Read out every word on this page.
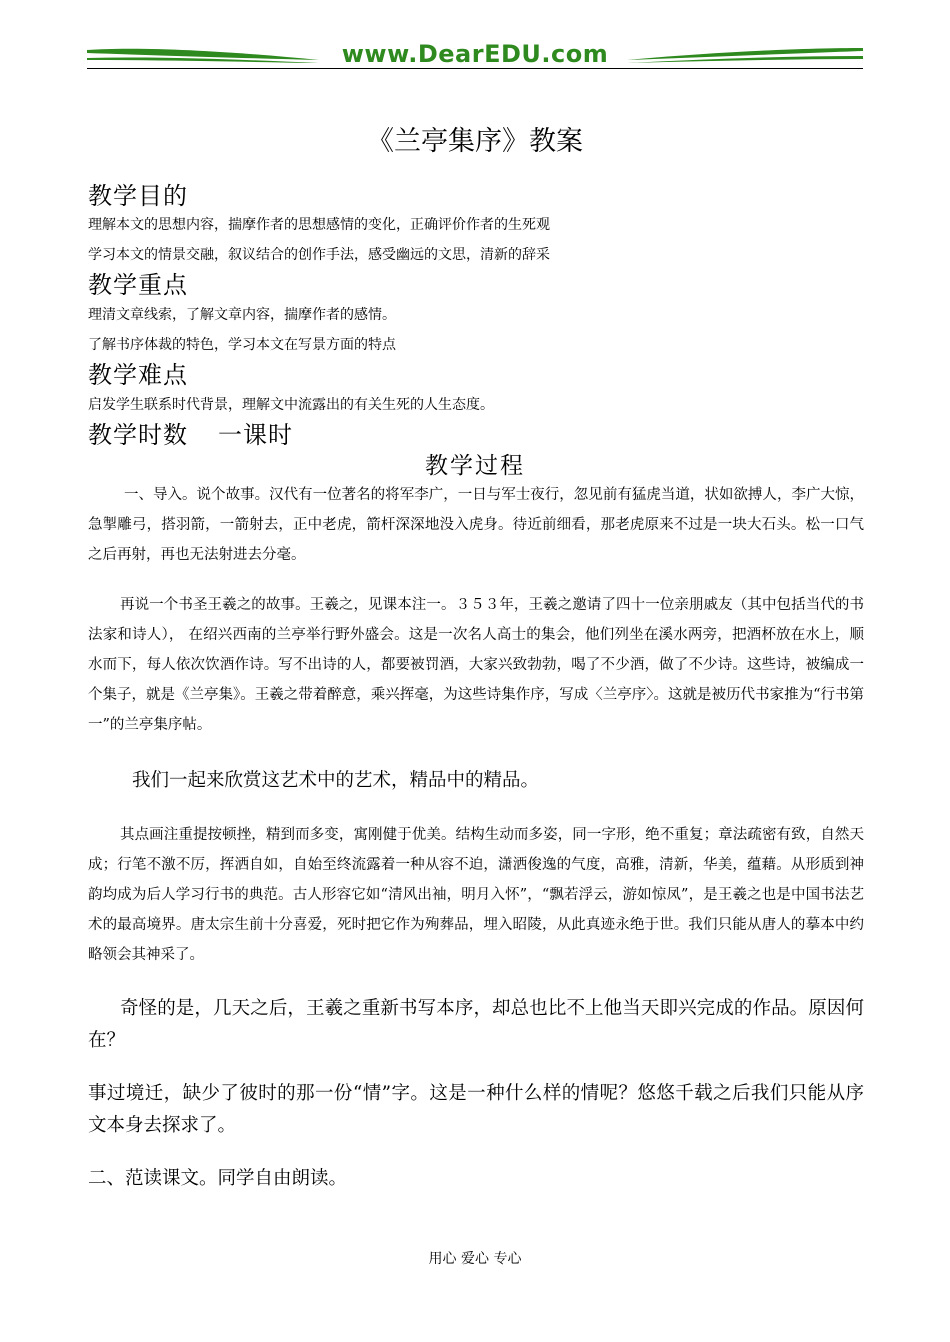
www.DearEDU.com
《兰亭集序》教案
教学目的
理解本文的思想内容，揣摩作者的思想感情的变化，正确评价作者的生死观
学习本文的情景交融，叙议结合的创作手法，感受幽远的文思，清新的辞采
教学重点
理清文章线索，了解文章内容，揣摩作者的感情。
了解书序体裁的特色，学习本文在写景方面的特点
教学难点
启发学生联系时代背景，理解文中流露出的有关生死的人生态度。
教学时数 一课时
教学过程

一、导入。说个故事。汉代有一位著名的将军李广，一日与军士夜行，忽见前有猛虎当道，状如欲搏人，李广大惊，急掣雕弓，搭羽箭，一箭射去，正中老虎，箭杆深深地没入虎身。待近前细看，那老虎原来不过是一块大石头。松一口气之后再射，再也无法射进去分毫。

再说一个书圣王羲之的故事。王羲之，见课本注一。３５３年，王羲之邀请了四十一位亲朋戚友（其中包括当代的书法家和诗人）， 在绍兴西南的兰亭举行野外盛会。这是一次名人高士的集会，他们列坐在溪水两旁，把酒杯放在水上，顺水而下，每人依次饮酒作诗。写不出诗的人，都要被罚酒，大家兴致勃勃，喝了不少酒，做了不少诗。这些诗，被编成一个集子，就是《兰亭集》。王羲之带着醉意，乘兴挥毫，为这些诗集作序，写成〈兰亭序〉。这就是被历代书家推为“行书第一”的兰亭集序帖。

我们一起来欣赏这艺术中的艺术，精品中的精品。

其点画注重提按顿挫，精到而多变，寓刚健于优美。结构生动而多姿，同一字形，绝不重复；章法疏密有致，自然天成；行笔不激不厉，挥洒自如，自始至终流露着一种从容不迫，潇洒俊逸的气度，高雅，清新，华美，蕴藉。从形质到神韵均成为后人学习行书的典范。古人形容它如“清风出袖，明月入怀”，“飘若浮云，游如惊凤”，是王羲之也是中国书法艺术的最高境界。唐太宗生前十分喜爱，死时把它作为殉葬品，埋入昭陵，从此真迹永绝于世。我们只能从唐人的摹本中约略领会其神采了。

奇怪的是，几天之后，王羲之重新书写本序，却总也比不上他当天即兴完成的作品。原因何在？

事过境迁，缺少了彼时的那一份“情”字。这是一种什么样的情呢？悠悠千载之后我们只能从序文本身去探求了。

二、范读课文。同学自由朗读。

用心 爱心 专心
